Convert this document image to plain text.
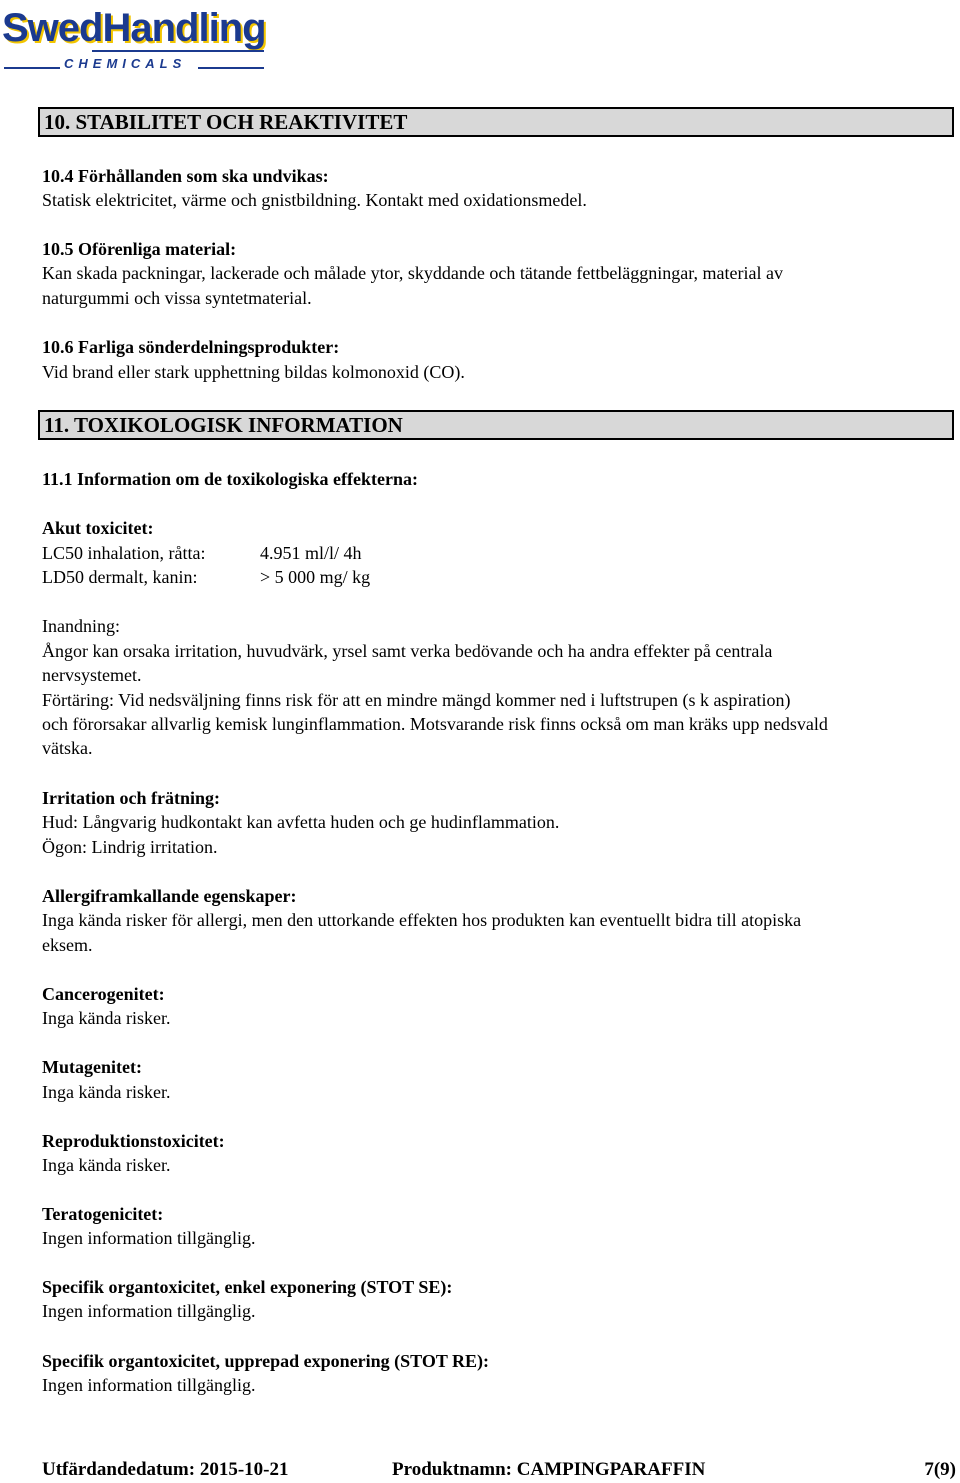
SwedHandling
CHEMICALS
10. STABILITET OCH REAKTIVITET
10.4 Förhållanden som ska undvikas:
Statisk elektricitet, värme och gnistbildning. Kontakt med oxidationsmedel.
10.5 Oförenliga material:
Kan skada packningar, lackerade och målade ytor, skyddande och tätande fettbeläggningar, material av
naturgummi och vissa syntetmaterial.
10.6 Farliga sönderdelningsprodukter:
Vid brand eller stark upphettning bildas kolmonoxid (CO).
11. TOXIKOLOGISK INFORMATION
11.1 Information om de toxikologiska effekterna:
Akut toxicitet:
LC50 inhalation, råtta:	4.951 ml/l/ 4h
LD50 dermalt, kanin:	> 5 000 mg/ kg
Inandning:
Ångor kan orsaka irritation, huvudvärk, yrsel samt verka bedövande och ha andra effekter på centrala
nervsystemet.
Förtäring: Vid nedsväljning finns risk för att en mindre mängd kommer ned i luftstrupen (s k aspiration)
och förorsakar allvarlig kemisk lunginflammation. Motsvarande risk finns också om man kräks upp nedsvald
vätska.
Irritation och frätning:
Hud: Långvarig hudkontakt kan avfetta huden och ge hudinflammation.
Ögon: Lindrig irritation.
Allergiframkallande egenskaper:
Inga kända risker för allergi, men den uttorkande effekten hos produkten kan eventuellt bidra till atopiska
eksem.
Cancerogenitet:
Inga kända risker.
Mutagenitet:
Inga kända risker.
Reproduktionstoxicitet:
Inga kända risker.
Teratogenicitet:
Ingen information tillgänglig.
Specifik organtoxicitet, enkel exponering (STOT SE):
Ingen information tillgänglig.
Specifik organtoxicitet, upprepad exponering (STOT RE):
Ingen information tillgänglig.
Utfärdandedatum: 2015-10-21	Produktnamn: CAMPINGPARAFFIN	7(9)
